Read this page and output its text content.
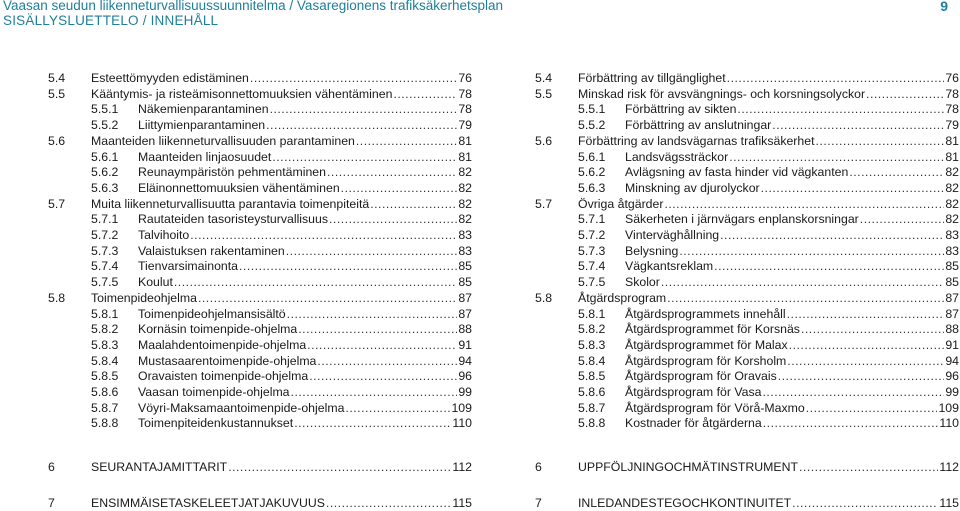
Vaasan seudun liikenneturvallisuussuunnitelma / Vasaregionens trafiksäkerhetsplan
SISÄLLYSLUETTELO / INNEHÅLL
9
5.4 Esteettömyyden edistäminen .....	76
5.5 Kääntymis- ja risteämisonnettomuuksien vähentäminen .....	78
5.5.1 Näkemienparantaminen .....	78
5.5.2 Liittymienparantaminen .....	79
5.6 Maanteiden liikenneturvallisuuden parantaminen .....	81
5.6.1 Maanteiden linjaosuudet .....	81
5.6.2 Reunaympäristön pehmentäminen .....	82
5.6.3 Eläinonnettomuuksien vähentäminen .....	82
5.7 Muita liikenneturvallisuutta parantavia toimenpiteitä .....	82
5.7.1 Rautateiden tasoristeysturvallisuus .....	82
5.7.2 Talvihoito .....	83
5.7.3 Valaistuksen rakentaminen .....	83
5.7.4 Tienvarsimainonta .....	85
5.7.5 Koulut .....	85
5.8 Toimenpideohjelma .....	87
5.8.1 Toimenpideohjelmansisältö .....	87
5.8.2 Kornäsin toimenpide-ohjelma .....	88
5.8.3 Maalahdentoimenpide-ohjelma .....	91
5.8.4 Mustasaarentoimenpide-ohjelma .....	94
5.8.5 Oravaisten toimenpide-ohjelma .....	96
5.8.6 Vaasan toimenpide-ohjelma .....	99
5.8.7 Vöyri-Maksamaantoimenpide-ohjelma .....	109
5.8.8 Toimenpiteidenkustannukset .....	110
6	SEURANTAJAMITTARIT .....	112
7	ENSIMMÄISETASKELEETJATJAKUVUUS .....	115
5.4 Förbättring av tillgänglighet .....	76
5.5 Minskad risk för avsvängnings- och korsningsolyckor .....	78
5.5.1 Förbättring av sikten .....	78
5.5.2 Förbättring av anslutningar .....	79
5.6 Förbättring av landsvägarnas trafiksäkerhet .....	81
5.6.1 Landsvägssträckor .....	81
5.6.2 Avlägsning av fasta hinder vid vägkanten .....	82
5.6.3 Minskning av djurolyckor .....	82
5.7 Övriga åtgärder .....	82
5.7.1 Säkerheten i järnvägars enplanskorsningar .....	82
5.7.2 Vinterväghållning .....	83
5.7.3 Belysning .....	83
5.7.4 Vägkantsreklam .....	85
5.7.5 Skolor .....	85
5.8 Åtgärdsprogram .....	87
5.8.1 Åtgärdsprogrammets innehåll .....	87
5.8.2 Åtgärdsprogrammet för Korsnäs .....	88
5.8.3 Åtgärdsprogrammet för Malax .....	91
5.8.4 Åtgärdsprogram för Korsholm .....	94
5.8.5 Åtgärdsprogram för Oravais .....	96
5.8.6 Åtgärdsprogram för Vasa .....	99
5.8.7 Åtgärdsprogram för Vörå-Maxmo .....	109
5.8.8 Kostnader för åtgärderna .....	110
6	UPPFÖLJNINGOCHMÄTINSTRUMENT .....	112
7	INLEDANDESTEGOCHKONTINUITET .....	115
